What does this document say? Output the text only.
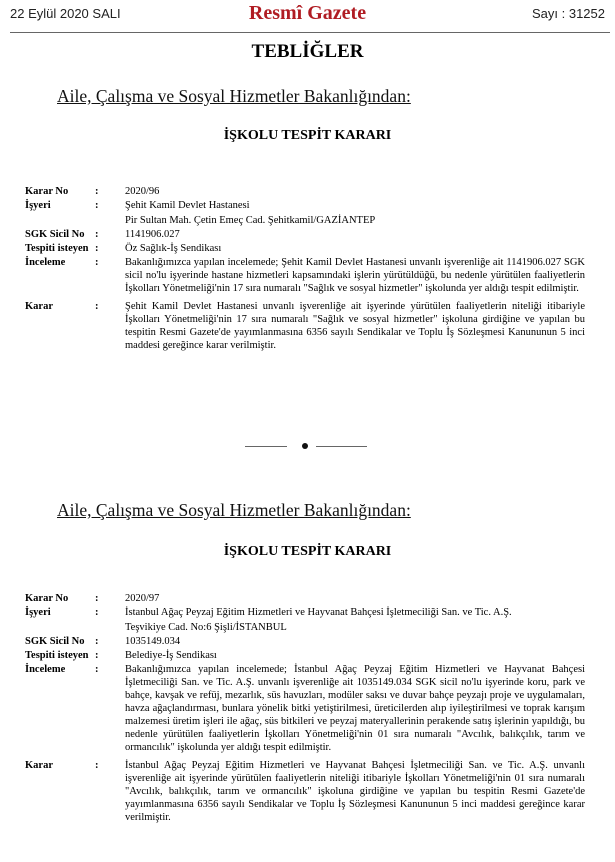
22 Eylül 2020 SALI	Resmî Gazete	Sayı : 31252
TEBLİĞLER
Aile, Çalışma ve Sosyal Hizmetler Bakanlığından:
İŞKOLU TESPİT KARARI
Karar No	:	2020/96
İşyeri	:	Şehit Kamil Devlet Hastanesi
Pir Sultan Mah. Çetin Emeç Cad. Şehitkamil/GAZİANTEP
SGK Sicil No :	1141906.027
Tespiti isteyen :	Öz Sağlık-İş Sendikası
İnceleme	:	Bakanlığımızca yapılan incelemede; Şehit Kamil Devlet Hastanesi unvanlı işverenliğe ait 1141906.027 SGK sicil no'lu işyerinde hastane hizmetleri kapsamındaki işlerin yürütüldüğü, bu nedenle yürütülen faaliyetlerin İşkolları Yönetmeliği'nin 17 sıra numaralı "Sağlık ve sosyal hizmetler" işkolunda yer aldığı tespit edilmiştir.
Karar	:	Şehit Kamil Devlet Hastanesi unvanlı işverenliğe ait işyerinde yürütülen faaliyetlerin niteliği itibariyle İşkolları Yönetmeliği'nin 17 sıra numaralı "Sağlık ve sosyal hizmetler" işkoluna girdiğine ve yapılan bu tespitin Resmi Gazete'de yayımlanmasına 6356 sayılı Sendikalar ve Toplu İş Sözleşmesi Kanununun 5 inci maddesi gereğince karar verilmiştir.
Aile, Çalışma ve Sosyal Hizmetler Bakanlığından:
İŞKOLU TESPİT KARARI
Karar No	:	2020/97
İşyeri	:	İstanbul Ağaç Peyzaj Eğitim Hizmetleri ve Hayvanat Bahçesi İşletmeciliği San. ve Tic. A.Ş.
Teşvikiye Cad. No:6 Şişli/İSTANBUL
SGK Sicil No :	1035149.034
Tespiti isteyen :	Belediye-İş Sendikası
İnceleme	:	Bakanlığımızca yapılan incelemede; İstanbul Ağaç Peyzaj Eğitim Hizmetleri ve Hayvanat Bahçesi İşletmeciliği San. ve Tic. A.Ş. unvanlı işverenliğe ait 1035149.034 SGK sicil no'lu işyerinde koru, park ve bahçe, kavşak ve refüj, mezarlık, süs havuzları, modüler saksı ve duvar bahçe peyzajı proje ve uygulamaları, havza ağaçlandırması, bunlara yönelik bitki yetiştirilmesi, üreticilerden alıp iyileştirilmesi ve toprak karışım malzemesi üretim işleri ile ağaç, süs bitkileri ve peyzaj materyallerinin perakende satış işlerinin yapıldığı, bu nedenle yürütülen faaliyetlerin İşkolları Yönetmeliği'nin 01 sıra numaralı "Avcılık, balıkçılık, tarım ve ormancılık" işkolunda yer aldığı tespit edilmiştir.
Karar	:	İstanbul Ağaç Peyzaj Eğitim Hizmetleri ve Hayvanat Bahçesi İşletmeciliği San. ve Tic. A.Ş. unvanlı işverenliğe ait işyerinde yürütülen faaliyetlerin niteliği itibariyle İşkolları Yönetmeliği'nin 01 sıra numaralı "Avcılık, balıkçılık, tarım ve ormancılık" işkoluna girdiğine ve yapılan bu tespitin Resmi Gazete'de yayımlanmasına 6356 sayılı Sendikalar ve Toplu İş Sözleşmesi Kanununun 5 inci maddesi gereğince karar verilmiştir.
